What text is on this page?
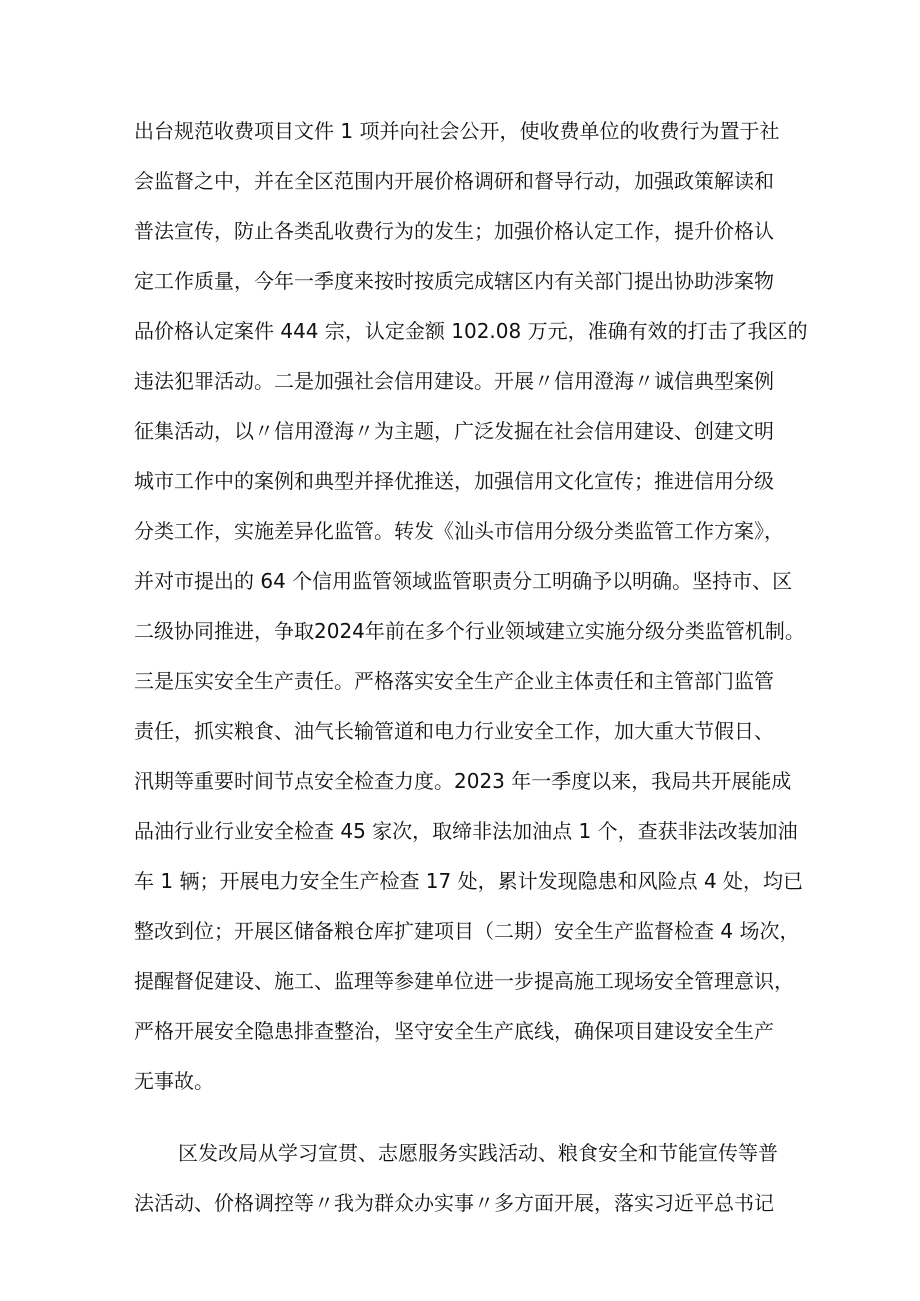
出台规范收费项目文件 1 项并向社会公开，使收费单位的收费行为置于社
会监督之中，并在全区范围内开展价格调研和督导行动，加强政策解读和
普法宣传，防止各类乱收费行为的发生；加强价格认定工作，提升价格认
定工作质量，今年一季度来按时按质完成辖区内有关部门提出协助涉案物
品价格认定案件 444 宗，认定金额 102.08 万元，准确有效的打击了我区的
违法犯罪活动。二是加强社会信用建设。开展〃信用澄海〃诚信典型案例
征集活动，以〃信用澄海〃为主题，广泛发掘在社会信用建设、创建文明
城市工作中的案例和典型并择优推送，加强信用文化宣传；推进信用分级
分类工作，实施差异化监管。转发《汕头市信用分级分类监管工作方案》，
并对市提出的 64 个信用监管领域监管职责分工明确予以明确。坚持市、区
二级协同推进，争取2024年前在多个行业领域建立实施分级分类监管机制。
三是压实安全生产责任。严格落实安全生产企业主体责任和主管部门监管
责任，抓实粮食、油气长输管道和电力行业安全工作，加大重大节假日、
汛期等重要时间节点安全检查力度。2023 年一季度以来，我局共开展能成
品油行业行业安全检查 45 家次，取缔非法加油点 1 个，查获非法改装加油
车 1 辆；开展电力安全生产检查 17 处，累计发现隐患和风险点 4 处，均已
整改到位；开展区储备粮仓库扩建项目（二期）安全生产监督检查 4 场次，
提醒督促建设、施工、监理等参建单位进一步提高施工现场安全管理意识，
严格开展安全隐患排查整治，坚守安全生产底线，确保项目建设安全生产
无事故。
区发改局从学习宣贯、志愿服务实践活动、粮食安全和节能宣传等普
法活动、价格调控等〃我为群众办实事〃多方面开展，落实习近平总书记
